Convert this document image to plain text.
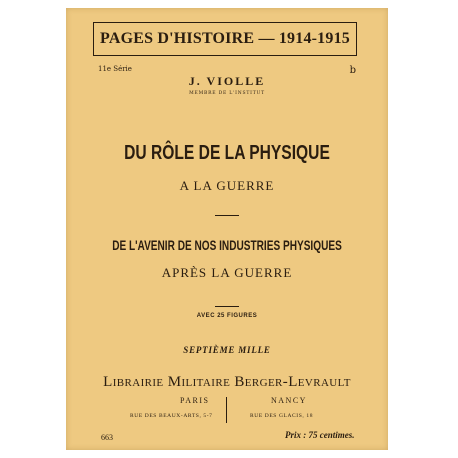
PAGES D'HISTOIRE — 1914-1915
11e Série	b
J. VIOLLE
MEMBRE DE L'INSTITUT
DU RÔLE DE LA PHYSIQUE
A LA GUERRE
DE L'AVENIR DE NOS INDUSTRIES PHYSIQUES
APRÈS LA GUERRE
AVEC 25 FIGURES
SEPTIÈME MILLE
Librairie Militaire Berger-Levrault
PARIS	NANCY
RUE DES BEAUX-ARTS, 5-7	RUE DES GLACIS, 18
663	Prix : 75 centimes.
